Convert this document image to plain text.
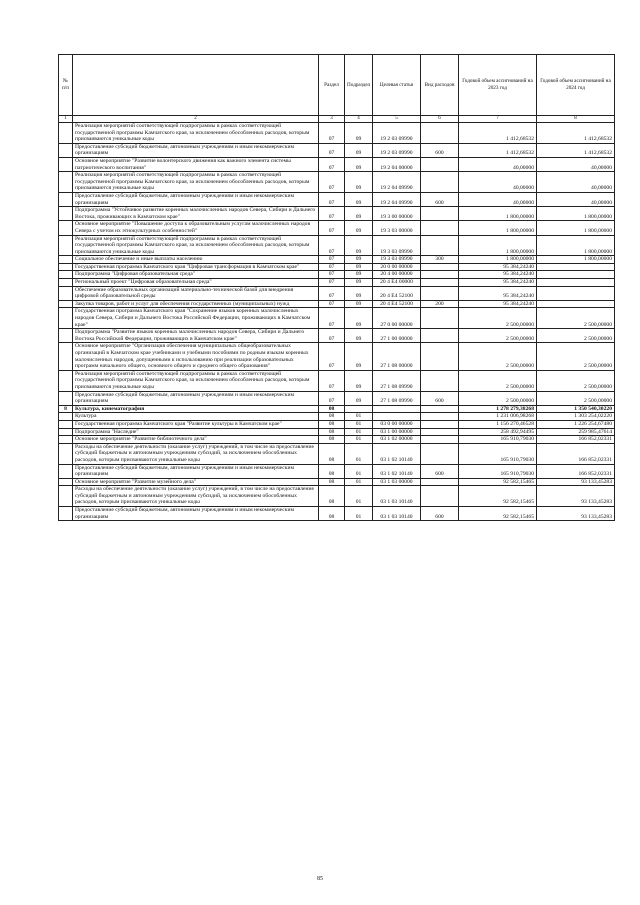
№ п/п		Раздел	Подраздел	Целевая статья	Вид расходов	Годовой объем ассигнований на 2023 год	Годовой объем ассигнований на 2024 год
1	2	3	4	5	6	7	8
	Реализация мероприятий соответствующей подпрограммы в рамках соответствующей государственной программы Камчатского края, за исключением обособленных расходов, которым присваиваются уникальные коды	07	09	19 2 03 09990		1 412,68532	1 412,68532
	Предоставление субсидий бюджетным, автономным учреждениям и иным некоммерческим организациям	07	09	19 2 03 09990	600	1 412,68532	1 412,68532
	Основное мероприятие "Развитие волонтерского движения как важного элемента системы патриотического воспитания"	07	09	19 2 04 00000		40,00000	40,00000
	Реализация мероприятий соответствующей подпрограммы в рамках соответствующей государственной программы Камчатского края, за исключением обособленных расходов, которым присваиваются уникальные коды	07	09	19 2 04 09990		40,00000	40,00000
	Предоставление субсидий бюджетным, автономным учреждениям и иным некоммерческим организациям	07	09	19 2 04 09990	600	40,00000	40,00000
	Подпрограмма "Устойчивое развитие коренных малочисленных народов Севера, Сибири и Дальнего Востока, проживающих в Камчатском крае"	07	09	19 3 00 00000		1 800,00000	1 800,00000
	Основное мероприятие "Повышение доступа к образовательным услугам малочисленных народов Севера с учетом их этнокультурных особенностей"	07	09	19 3 03 00000		1 800,00000	1 800,00000
	Реализация мероприятий соответствующей подпрограммы в рамках соответствующей государственной программы Камчатского края, за исключением обособленных расходов, которым присваиваются уникальные коды	07	09	19 3 03 09990		1 800,00000	1 800,00000
	Социальное обеспечение и иные выплаты населению	07	09	19 3 03 09990	300	1 800,00000	1 800,00000
	Государственная программа Камчатского края "Цифровая трансформация в Камчатском крае"	07	09	20 0 00 00000		95 384,24240	
	Подпрограмма "Цифровая образовательная среда"	07	09	20 4 00 00000		95 384,24240	
	Региональный проект "Цифровая образовательная среда"	07	09	20 4 E4 00000		95 384,24240	
	Обеспечение образовательных организаций материально-технической базой для внедрения цифровой образовательной среды	07	09	20 4 E4 52100		95 384,24240	
	Закупка товаров, работ и услуг для обеспечения государственных (муниципальных) нужд	07	09	20 4 E4 52100	200	95 384,24240	
	Государственная программа Камчатского края "Сохранение языков коренных малочисленных народов Севера, Сибири и Дальнего Востока Российской Федерации, проживающих в Камчатском крае"	07	09	27 0 00 00000		2 500,00000	2 500,00000
	Подпрограмма "Развитие языков коренных малочисленных народов Севера, Сибири и Дальнего Востока Российской Федерации, проживающих в Камчатском крае"	07	09	27 1 00 00000		2 500,00000	2 500,00000
	Основное мероприятие "Организация обеспечения муниципальных общеобразовательных организаций в Камчатском крае учебниками и учебными пособиями по родным языкам коренных малочисленных народов, допущенными к использованию при реализации образовательных программ начального общего, основного общего и среднего общего образования"	07	09	27 1 08 00000		2 500,00000	2 500,00000
	Реализация мероприятий соответствующей подпрограммы в рамках соответствующей государственной программы Камчатского края, за исключением обособленных расходов, которым присваиваются уникальные коды	07	09	27 1 08 09990		2 500,00000	2 500,00000
	Предоставление субсидий бюджетным, автономным учреждениям и иным некоммерческим организациям	07	09	27 1 08 09990	600	2 500,00000	2 500,00000
8	Культура, кинематография	08				1 278 279,38268	1 350 540,30220
	Культура	08	01			1 231 006,98268	1 303 254,02220
	Государственная программа Камчатского края "Развитие культуры в Камчатском крае"	08	01	03 0 00 00000		1 156 270,46528	1 226 254,67480
	Подпрограмма "Наследие"	08	01	03 1 00 00000		258 492,94495	259 985,47614
	Основное мероприятие "Развитие библиотечного дела"	08	01	03 1 02 00000		165 910,79030	166 852,02331
	Расходы на обеспечение деятельности (оказание услуг) учреждений, в том числе на предоставление субсидий бюджетным и автономным учреждениям субсидий, за исключением обособленных расходов, которым присваиваются уникальные коды	08	01	03 1 02 10140		165 910,79030	166 852,02331
	Предоставление субсидий бюджетным, автономным учреждениям и иным некоммерческим организациям	08	01	03 1 02 10140	600	165 910,79030	166 852,02331
	Основное мероприятие "Развитие музейного дела"	08	01	03 1 03 00000		92 582,15465	93 133,45283
	Расходы на обеспечение деятельности (оказание услуг) учреждений, в том числе на предоставление субсидий бюджетным и автономным учреждениям субсидий, за исключением обособленных расходов, которым присваиваются уникальные коды	08	01	03 1 03 10140		92 582,15465	93 133,45283
	Предоставление субсидий бюджетным, автономным учреждениям и иным некоммерческим организациям	08	01	03 1 03 10140	600	92 582,15465	93 133,45283
85
